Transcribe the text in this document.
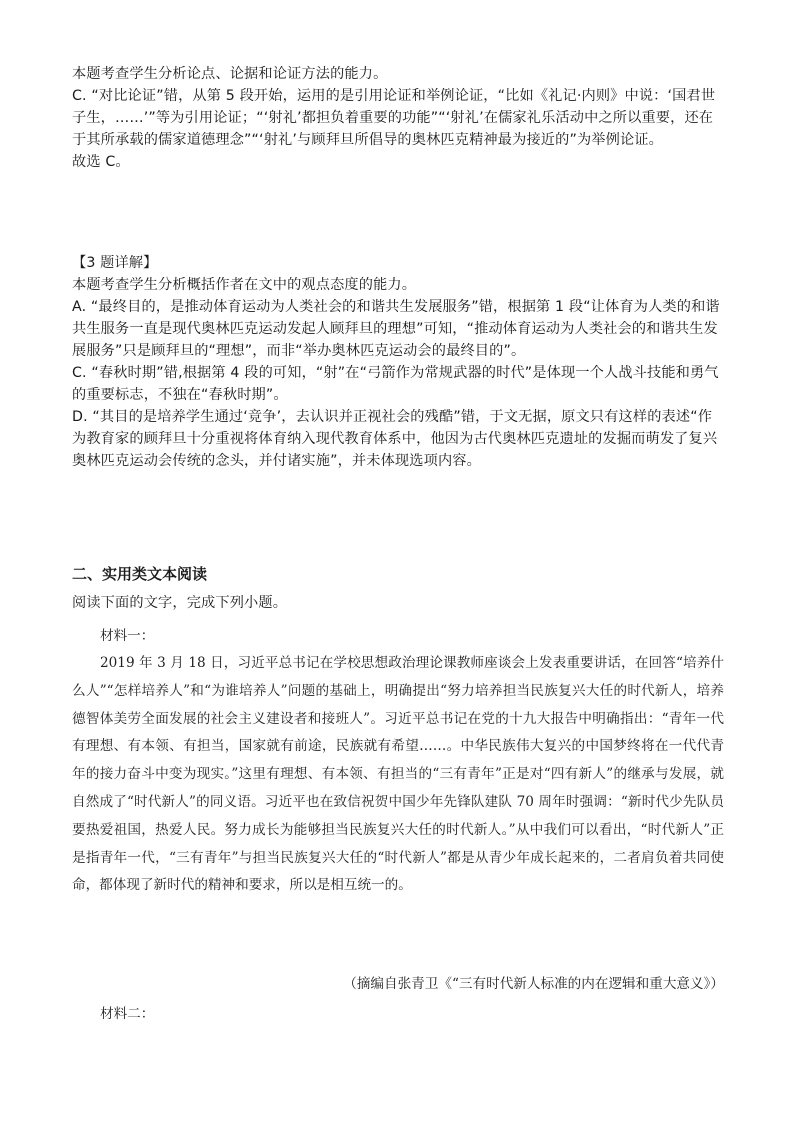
本题考查学生分析论点、论据和论证方法的能力。

C. “对比论证”错，从第 5 段开始，运用的是引用论证和举例论证，“比如《礼记·内则》中说：‘国君世子生，……’”等为引用论证；“‘射礼’都担负着重要的功能”“‘射礼’在儒家礼乐活动中之所以重要，还在于其所承载的儒家道德理念”“‘射礼’与顾拜旦所倡导的奥林匹克精神最为接近的”为举例论证。

故选 C。

【3 题详解】

本题考查学生分析概括作者在文中的观点态度的能力。

A. “最终目的，是推动体育运动为人类社会的和谐共生发展服务”错，根据第 1 段“让体育为人类的和谐共生服务一直是现代奥林匹克运动发起人顾拜旦的理想”可知，“推动体育运动为人类社会的和谐共生发展服务”只是顾拜旦的“理想”，而非“举办奥林匹克运动会的最终目的”。

C. “春秋时期”错,根据第 4 段的可知，“射”在“弓箭作为常规武器的时代”是体现一个人战斗技能和勇气的重要标志，不独在“春秋时期”。

D. “其目的是培养学生通过‘竞争’，去认识并正视社会的残酷”错，于文无据，原文只有这样的表述“作为教育家的顾拜旦十分重视将体育纳入现代教育体系中，他因为古代奥林匹克遗址的发掘而萌发了复兴奥林匹克运动会传统的念头，并付诸实施”，并未体现选项内容。

二、实用类文本阅读
阅读下面的文字，完成下列小题。

材料一：

2019 年 3 月 18 日，习近平总书记在学校思想政治理论课教师座谈会上发表重要讲话，在回答“培养什么人”“怎样培养人”和“为谁培养人”问题的基础上，明确提出“努力培养担当民族复兴大任的时代新人，培养德智体美劳全面发展的社会主义建设者和接班人”。习近平总书记在党的十九大报告中明确指出：“青年一代有理想、有本领、有担当，国家就有前途，民族就有希望……。中华民族伟大复兴的中国梦终将在一代代青年的接力奋斗中变为现实。”这里有理想、有本领、有担当的“三有青年”正是对“四有新人”的继承与发展，就自然成了“时代新人”的同义语。习近平也在致信祝贺中国少年先锋队建队 70 周年时强调：“新时代少先队员要热爱祖国，热爱人民。努力成长为能够担当民族复兴大任的时代新人。”从中我们可以看出，“时代新人”正是指青年一代，“三有青年”与担当民族复兴大任的“时代新人”都是从青少年成长起来的，二者肩负着共同使命，都体现了新时代的精神和要求，所以是相互统一的。

（摘编自张青卫《“三有时代新人标准的内在逻辑和重大意义》）

材料二：
